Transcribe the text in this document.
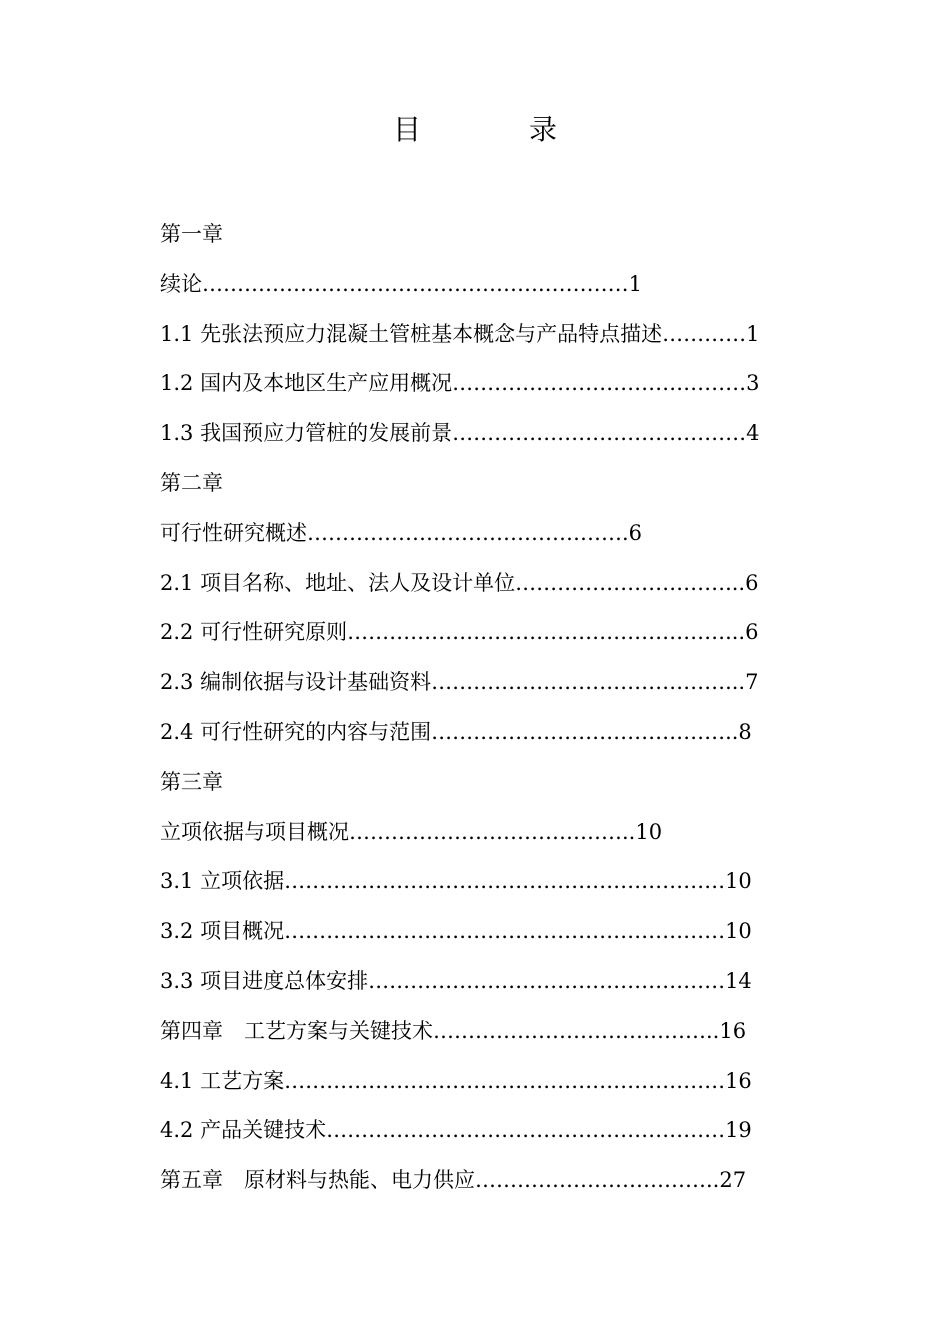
目　录
第一章
续论………………………………………….…………1
1.1 先张法预应力混凝土管桩基本概念与产品特点描述…………1
1.2 国内及本地区生产应用概况……………………………………3
1.3 我国预应力管桩的发展前景……………………………………4
第二章
可行性研究概述……………………………………….6
2.1 项目名称、地址、法人及设计单位…………………………...6
2.2 可行性研究原则………………………………………………...6
2.3 编制依据与设计基础资料……………………………………...7
2.4 可行性研究的内容与范围……………………………………..8
第三章
立项依据与项目概况…………………………………..10
3.1 立项依据………………………………………………………10
3.2 项目概况………………………………………………………10
3.3 项目进度总体安排……………………………………………14
第四章　工艺方案与关键技术…………………………………..16
4.1 工艺方案………………………………………………………16
4.2 产品关键技术…………………………………………………19
第五章　原材料与热能、电力供应……………………………..27
